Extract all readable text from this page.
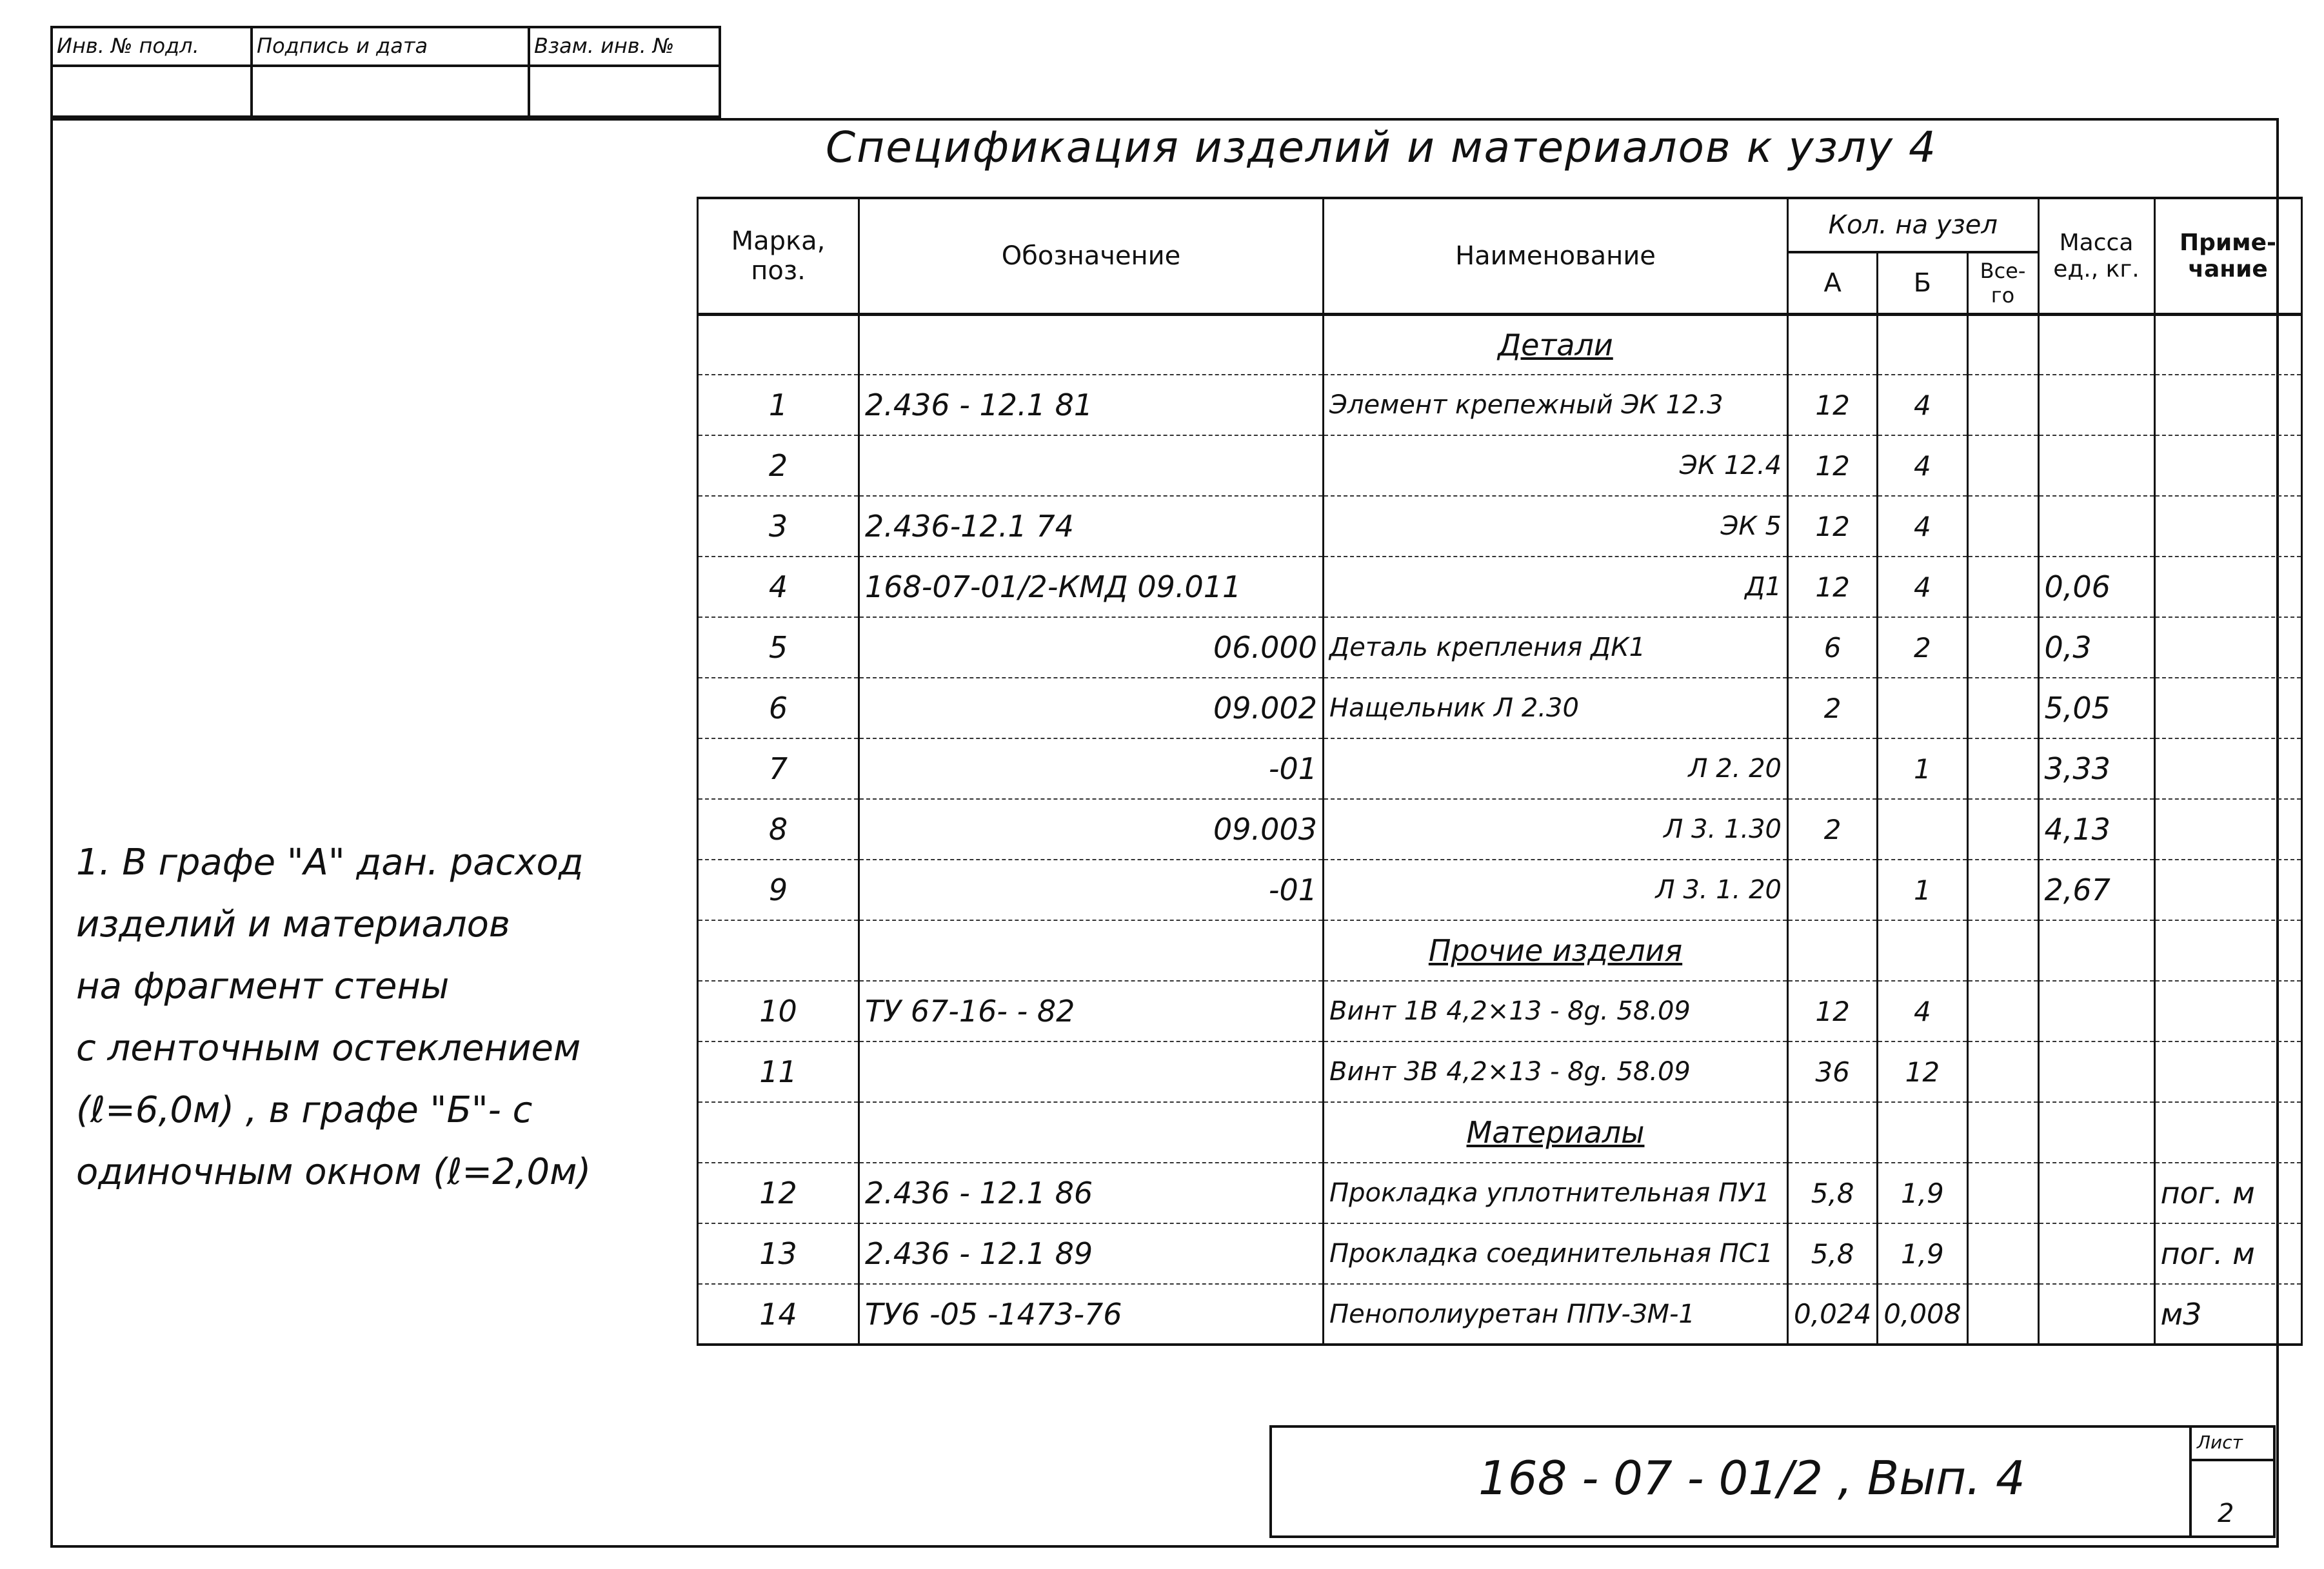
Инв. № подл.	Подпись и дата	Взам. инв. №
Спецификация изделий и материалов к узлу 4
Марка, поз.	Обозначение	Наименование	Кол. на узел			Масса ед., кг.	Приме- чание
			А	Б	Все- го		
		Детали					
1	2.436 - 12.1 81	Элемент крепежный ЭК 12.3	12	4			
2		ЭК 12.4	12	4			
3	2.436-12.1 74	ЭК 5	12	4			
4	168-07-01/2-КМД 09.011	Д1	12	4		0,06	
5	06.000	Деталь крепления ДК1	6	2		0,3	
6	09.002	Нащельник Л 2.30	2			5,05	
7	-01	Л 2. 20		1		3,33	
8	09.003	Л 3. 1.30	2			4,13	
9	-01	Л 3. 1. 20		1		2,67	
		Прочие изделия					
10	ТУ 67-16- - 82	Винт 1В 4,2×13 - 8g. 58.09	12	4			
11		Винт 3В 4,2×13 - 8g. 58.09	36	12			
		Материалы					
12	2.436 - 12.1 86	Прокладка уплотнительная ПУ1	5,8	1,9			пог. м
13	2.436 - 12.1 89	Прокладка соединительная ПС1	5,8	1,9			пог. м
14	ТУ6 -05 -1473-76	Пенополиуретан ППУ-ЗМ-1	0,024	0,008			м3
1. В графе "А" дан. расход
изделий и материалов
на фрагмент стены
с ленточным остеклением
(ℓ=6,0м) , в графе "Б"- с
одиночным окном (ℓ=2,0м)
168 - 07 - 01/2 , Вып. 4
Лист
2
